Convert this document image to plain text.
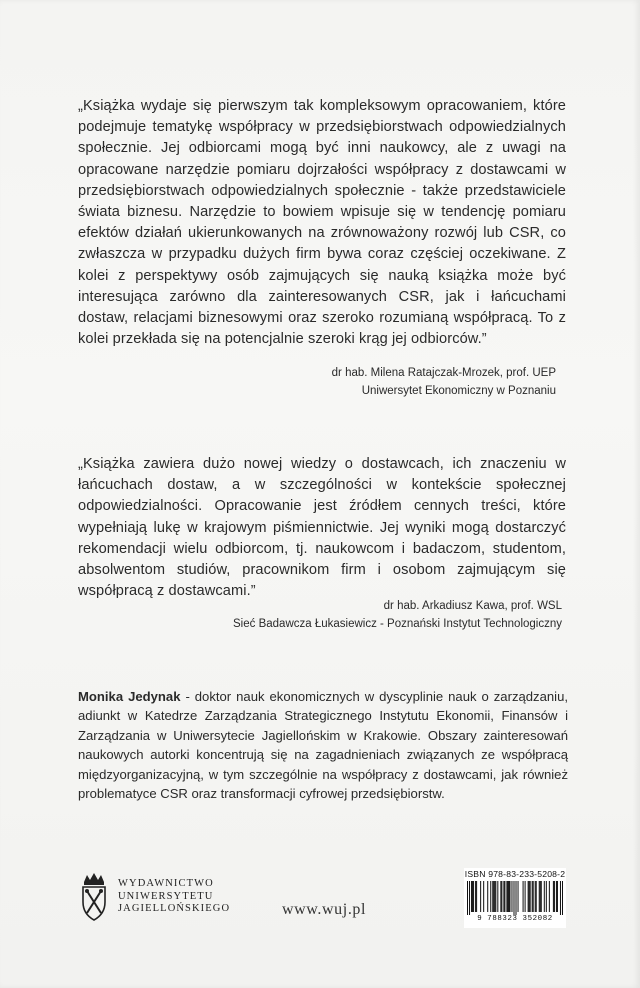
„Książka wydaje się pierwszym tak kompleksowym opracowaniem, które podejmuje tematykę współpracy w przedsiębiorstwach odpowiedzialnych społecznie. Jej odbiorcami mogą być inni naukowcy, ale z uwagi na opracowane narzędzie pomiaru dojrzałości współpracy z dostawcami w przedsiębiorstwach odpowiedzialnych społecznie - także przedstawiciele świata biznesu. Narzędzie to bowiem wpisuje się w tendencję pomiaru efektów działań ukierunkowanych na zrównoważony rozwój lub CSR, co zwłaszcza w przypadku dużych firm bywa coraz częściej oczekiwane. Z kolei z perspektywy osób zajmujących się nauką książka może być interesująca zarówno dla zainteresowanych CSR, jak i łańcuchami dostaw, relacjami biznesowymi oraz szeroko rozumianą współpracą. To z kolei przekłada się na potencjalnie szeroki krąg jej odbiorców.”

dr hab. Milena Ratajczak-Mrozek, prof. UEP
Uniwersytet Ekonomiczny w Poznaniu

„Książka zawiera dużo nowej wiedzy o dostawcach, ich znaczeniu w łańcuchach dostaw, a w szczególności w kontekście społecznej odpowiedzialności. Opracowanie jest źródłem cennych treści, które wypełniają lukę w krajowym piśmiennictwie. Jej wyniki mogą dostarczyć rekomendacji wielu odbiorcom, tj. naukowcom i badaczom, studentom, absolwentom studiów, pracownikom firm i osobom zajmującym się współpracą z dostawcami.”

dr hab. Arkadiusz Kawa, prof. WSL
Sieć Badawcza Łukasiewicz - Poznański Instytut Technologiczny

Monika Jedynak - doktor nauk ekonomicznych w dyscyplinie nauk o zarządzaniu, adiunkt w Katedrze Zarządzania Strategicznego Instytutu Ekonomii, Finansów i Zarządzania w Uniwersytecie Jagiellońskim w Krakowie. Obszary zainteresowań naukowych autorki koncentrują się na zagadnieniach związanych ze współpracą międzyorganizacyjną, w tym szczególnie na współpracy z dostawcami, jak również problematyce CSR oraz transformacji cyfrowej przedsiębiorstw.

WYDAWNICTWO
UNIWERSYTETU
JAGIELLOŃSKIEGO	www.wuj.pl
ISBN 978-83-233-5208-2
9 788323 352082
